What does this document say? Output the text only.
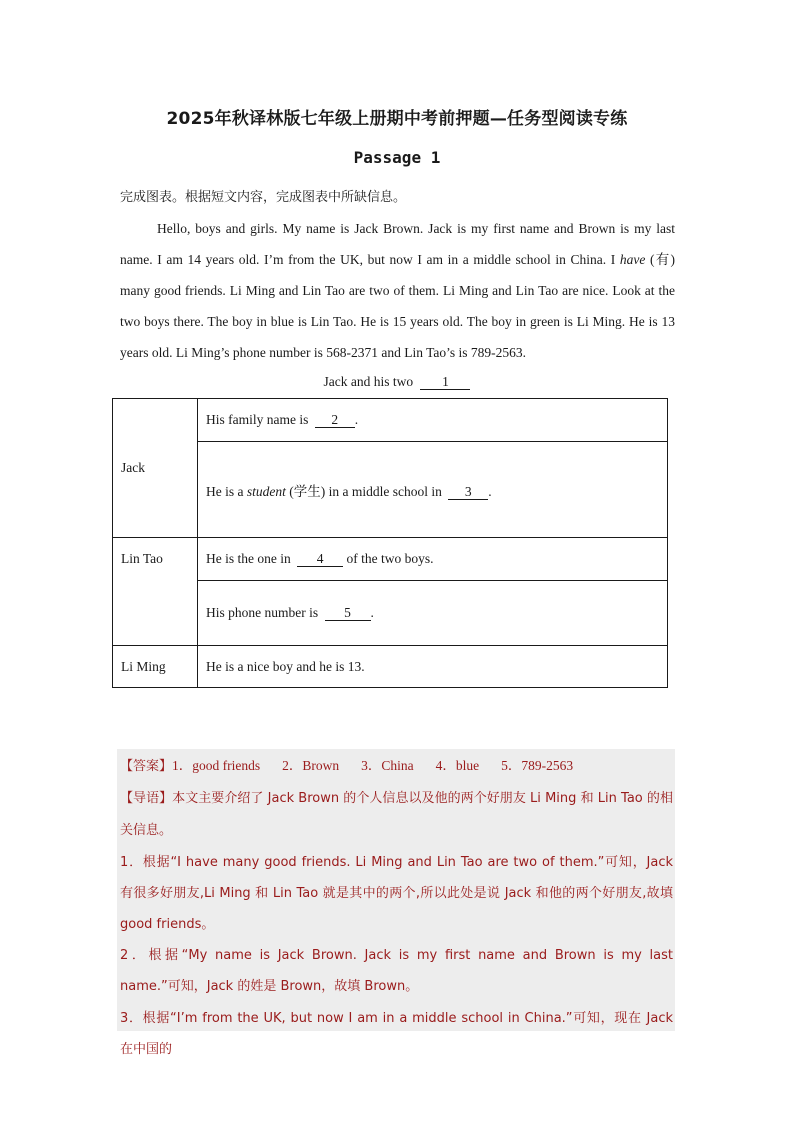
2025年秋译林版七年级上册期中考前押题—任务型阅读专练
Passage 1
完成图表。根据短文内容，完成图表中所缺信息。

Hello, boys and girls. My name is Jack Brown. Jack is my first name and Brown is my last name. I am 14 years old. I’m from the UK, but now I am in a middle school in China. I have (有) many good friends. Li Ming and Lin Tao are two of them. Li Ming and Lin Tao are nice. Look at the two boys there. The boy in blue is Lin Tao. He is 15 years old. The boy in green is Li Ming. He is 13 years old. Li Ming’s phone number is 568-2371 and Lin Tao’s is 789-2563.

Jack and his two 1
Jack	His family name is 2 .
	He is a student (学生) in a middle school in 3 .
Lin Tao	He is the one in 4 of the two boys.
	His phone number is 5 .
Li Ming	He is a nice boy and he is 13.
【答案】1．good friends 2．Brown 3．China 4．blue 5．789-2563
【导语】本文主要介绍了 Jack Brown 的个人信息以及他的两个好朋友 Li Ming 和 Lin Tao 的相关信息。
1．根据“I have many good friends. Li Ming and Lin Tao are two of them.”可知，Jack 有很多好朋友,Li Ming 和 Lin Tao 就是其中的两个,所以此处是说 Jack 和他的两个好朋友,故填 good friends。
2．根据“My name is Jack Brown. Jack is my first name and Brown is my last name.”可知，Jack 的姓是 Brown，故填 Brown。
3．根据“I’m from the UK, but now I am in a middle school in China.”可知，现在 Jack 在中国的
